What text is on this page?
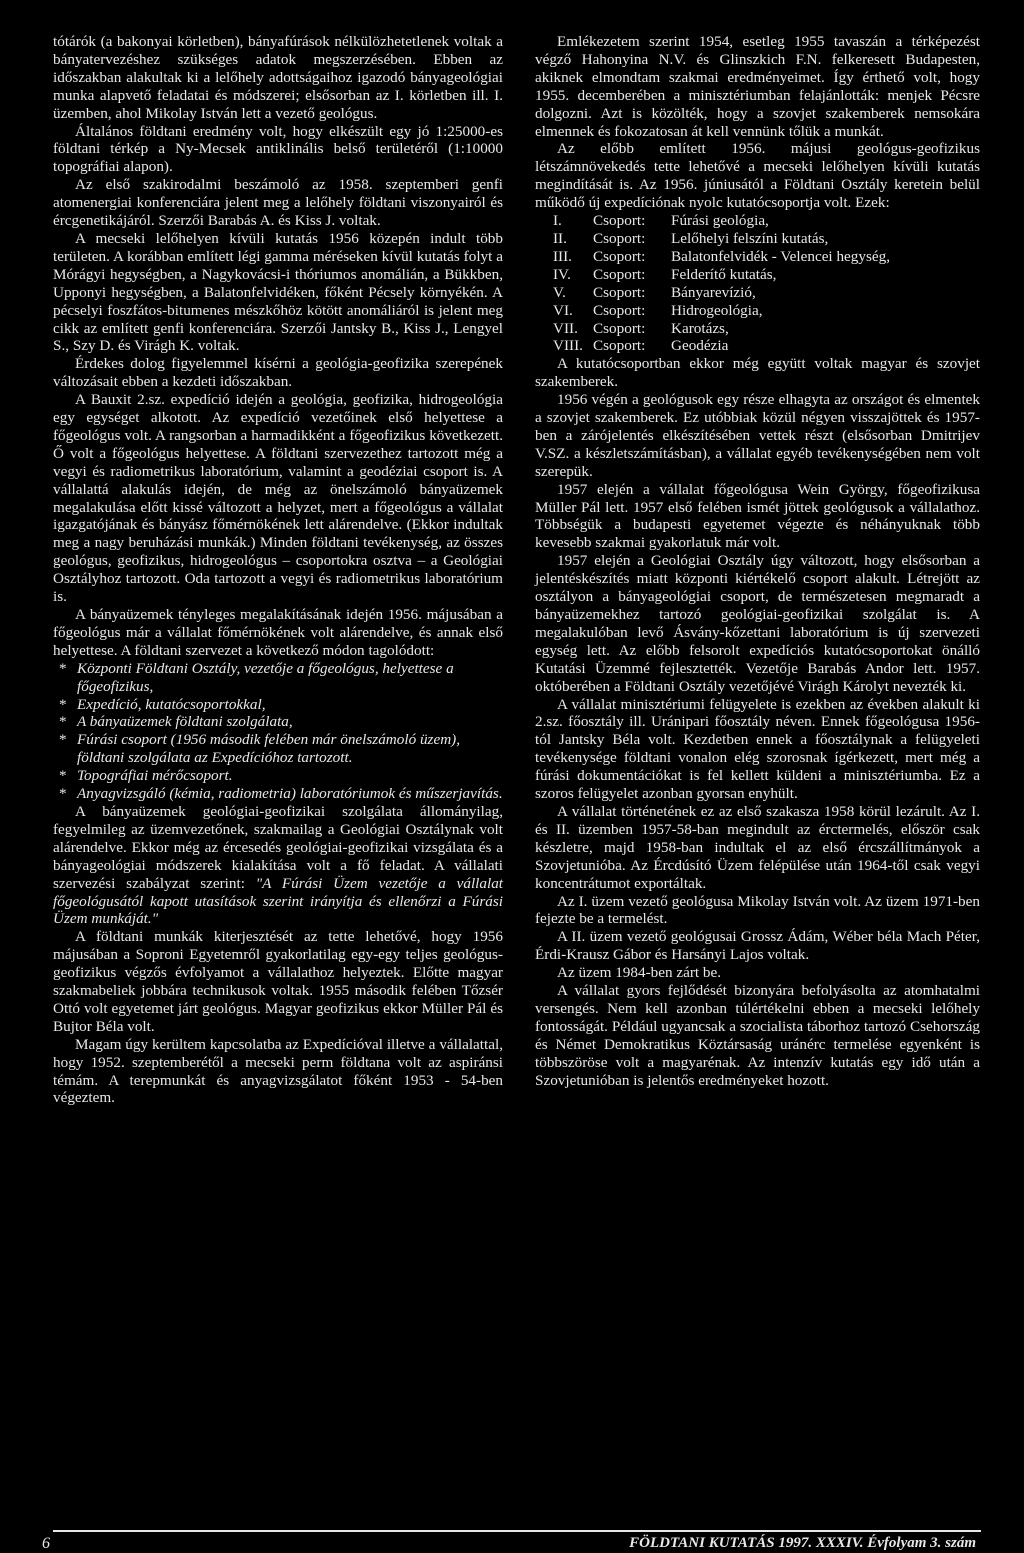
tótárók (a bakonyai körletben), bányafúrások nélkülözhetetlenek voltak a bányatervezéshez szükséges adatok megszerzésében. Ebben az időszakban alakultak ki a lelőhely adottságaihoz igazodó bányageológiai munka alapvető feladatai és módszerei; elsősorban az I. körletben ill. I. üzemben, ahol Mikolay István lett a vezető geológus.

Általános földtani eredmény volt, hogy elkészült egy jó 1:25000-es földtani térkép a Ny-Mecsek antiklinális belső területéről (1:10000 topográfiai alapon).

Az első szakirodalmi beszámoló az 1958. szeptemberi genfi atomenergiai konferenciára jelent meg a lelőhely földtani viszonyairól és ércgenetikájáról. Szerzői Barabás A. és Kiss J. voltak.

A mecseki lelőhelyen kívüli kutatás 1956 közepén indult több területen. A korábban említett légi gamma méréseken kívül kutatás folyt a Mórágyi hegységben, a Nagykovácsi-i thóriumos anomálián, a Bükkben, Upponyi hegységben, a Balatonfelvidéken, főként Pécsely környékén. A pécselyi foszfátos-bitumenes mészkőhöz kötött anomáliáról is jelent meg cikk az említett genfi konferenciára. Szerzői Jantsky B., Kiss J., Lengyel S., Szy D. és Virágh K. voltak.

Érdekes dolog figyelemmel kísérni a geológia-geofizika szerepének változásait ebben a kezdeti időszakban.

A Bauxit 2.sz. expedíció idején a geológia, geofizika, hidrogeológia egy egységet alkotott. Az expedíció vezetőinek első helyettese a főgeológus volt. A rangsorban a harmadikként a főgeofizikus következett. Ő volt a főgeológus helyettese. A földtani szervezethez tartozott még a vegyi és radiometrikus laboratórium, valamint a geodéziai csoport is. A vállalattá alakulás idején, de még az önelszámoló bányaüzemek megalakulása előtt kissé változott a helyzet, mert a főgeológus a vállalat igazgatójának és bányász főmérnökének lett alárendelve. (Ekkor indultak meg a nagy beruházási munkák.) Minden földtani tevékenység, az összes geológus, geofizikus, hidrogeológus – csoportokra osztva – a Geológiai Osztályhoz tartozott. Oda tartozott a vegyi és radiometrikus laboratórium is.

A bányaüzemek tényleges megalakításának idején 1956. májusában a főgeológus már a vállalat főmérnökének volt alárendelve, és annak első helyettese. A földtani szervezet a következő módon tagolódott:

* Központi Földtani Osztály, vezetője a főgeológus, helyettese a főgeofizikus,
* Expedíció, kutatócsoportokkal,
* A bányaüzemek földtani szolgálata,
* Fúrási csoport (1956 második felében már önelszámoló üzem), földtani szolgálata az Expedícióhoz tartozott.
* Topográfiai mérőcsoport.
* Anyagvizsgáló (kémia, radiometria) laboratóriumok és műszerjavítás.

A bányaüzemek geológiai-geofizikai szolgálata állományilag, fegyelmileg az üzemvezetőnek, szakmailag a Geológiai Osztálynak volt alárendelve. Ekkor még az ércesedés geológiai-geofizikai vizsgálata és a bányageológiai módszerek kialakítása volt a fő feladat. A vállalati szervezési szabályzat szerint: "A Fúrási Üzem vezetője a vállalat főgeológusától kapott utasítások szerint irányítja és ellenőrzi a Fúrási Üzem munkáját."

A földtani munkák kiterjesztését az tette lehetővé, hogy 1956 májusában a Soproni Egyetemről gyakorlatilag egy-egy teljes geológus-geofizikus végzős évfolyamot a vállalathoz helyeztek. Előtte magyar szakmabeliek jobbára technikusok voltak. 1955 második felében Tőzsér Ottó volt egyetemet járt geológus. Magyar geofizikus ekkor Müller Pál és Bujtor Béla volt.

Magam úgy kerültem kapcsolatba az Expedícióval illetve a vállalattal, hogy 1952. szeptemberétől a mecseki perm földtana volt az aspiránsi témám. A terepmunkát és anyagvizsgálatot főként 1953 - 54-ben végeztem.

Emlékezetem szerint 1954, esetleg 1955 tavaszán a térképezést végző Hahonyina N.V. és Glinszkich F.N. felkeresett Budapesten, akiknek elmondtam szakmai eredményeimet. Így érthető volt, hogy 1955. decemberében a minisztériumban felajánlották: menjek Pécsre dolgozni. Azt is közölték, hogy a szovjet szakemberek nemsokára elmennek és fokozatosan át kell vennünk tőlük a munkát.

Az előbb említett 1956. májusi geológus-geofizikus létszámnövekedés tette lehetővé a mecseki lelőhelyen kívüli kutatás megindítását is. Az 1956. júniusától a Földtani Osztály keretein belül működő új expedíciónak nyolc kutatócsoportja volt. Ezek:

I.	Csoport:	Fúrási geológia,
II.	Csoport:	Lelőhelyi felszíni kutatás,
III.	Csoport:	Balatonfelvidék - Velencei hegység,
IV.	Csoport:	Felderítő kutatás,
V.	Csoport:	Bányarevízió,
VI.	Csoport:	Hidrogeológia,
VII. Csoport:	Karotázs,
VIII. Csoport:	Geodézia

A kutatócsoportban ekkor még együtt voltak magyar és szovjet szakemberek.

1956 végén a geológusok egy része elhagyta az országot és elmentek a szovjet szakemberek. Ez utóbbiak közül négyen visszajöttek és 1957-ben a zárójelentés elkészítésében vettek részt (elsősorban Dmitrijev V.SZ. a készletszámításban), a vállalat egyéb tevékenységében nem volt szerepük.

1957 elején a vállalat főgeológusa Wein György, főgeofizikusa Müller Pál lett. 1957 első felében ismét jöttek geológusok a vállalathoz. Többségük a budapesti egyetemet végezte és néhányuknak több kevesebb szakmai gyakorlatuk már volt.

1957 elején a Geológiai Osztály úgy változott, hogy elsősorban a jelentéskészítés miatt központi kiértékelő csoport alakult. Létrejött az osztályon a bányageológiai csoport, de természetesen megmaradt a bányaüzemekhez tartozó geológiai-geofizikai szolgálat is. A megalakulóban levő Ásvány-kőzettani laboratórium is új szervezeti egység lett. Az előbb felsorolt expedíciós kutatócsoportokat önálló Kutatási Üzemmé fejlesztették. Vezetője Barabás Andor lett. 1957. októberében a Földtani Osztály vezetőjévé Virágh Károlyt nevezték ki.

A vállalat minisztériumi felügyelete is ezekben az években alakult ki 2.sz. főosztály ill. Uránipari főosztály néven. Ennek főgeológusa 1956-tól Jantsky Béla volt. Kezdetben ennek a főosztálynak a felügyeleti tevékenysége földtani vonalon elég szorosnak ígérkezett, mert még a fúrási dokumentációkat is fel kellett küldeni a minisztériumba. Ez a szoros felügyelet azonban gyorsan enyhült.

A vállalat történetének ez az első szakasza 1958 körül lezárult. Az I. és II. üzemben 1957-58-ban megindult az érctermelés, először csak készletre, majd 1958-ban indultak el az első ércszállítmányok a Szovjetunióba. Az Ércdúsító Üzem felépülése után 1964-től csak vegyi koncentrátumot exportáltak.

Az I. üzem vezető geológusa Mikolay István volt. Az üzem 1971-ben fejezte be a termelést.

A II. üzem vezető geológusai Grossz Ádám, Wéber béla Mach Péter, Érdi-Krausz Gábor és Harsányi Lajos voltak.

Az üzem 1984-ben zárt be.

A vállalat gyors fejlődését bizonyára befolyásolta az atomhatalmi versengés. Nem kell azonban túlértékelni ebben a mecseki lelőhely fontosságát. Például ugyancsak a szocialista táborhoz tartozó Csehország és Német Demokratikus Köztársaság uránérc termelése egyenként is többszöröse volt a magyarénak. Az intenzív kutatás egy idő után a Szovjetunióban is jelentős eredményeket hozott.

6	FÖLDTANI KUTATÁS 1997. XXXIV. Évfolyam 3. szám
